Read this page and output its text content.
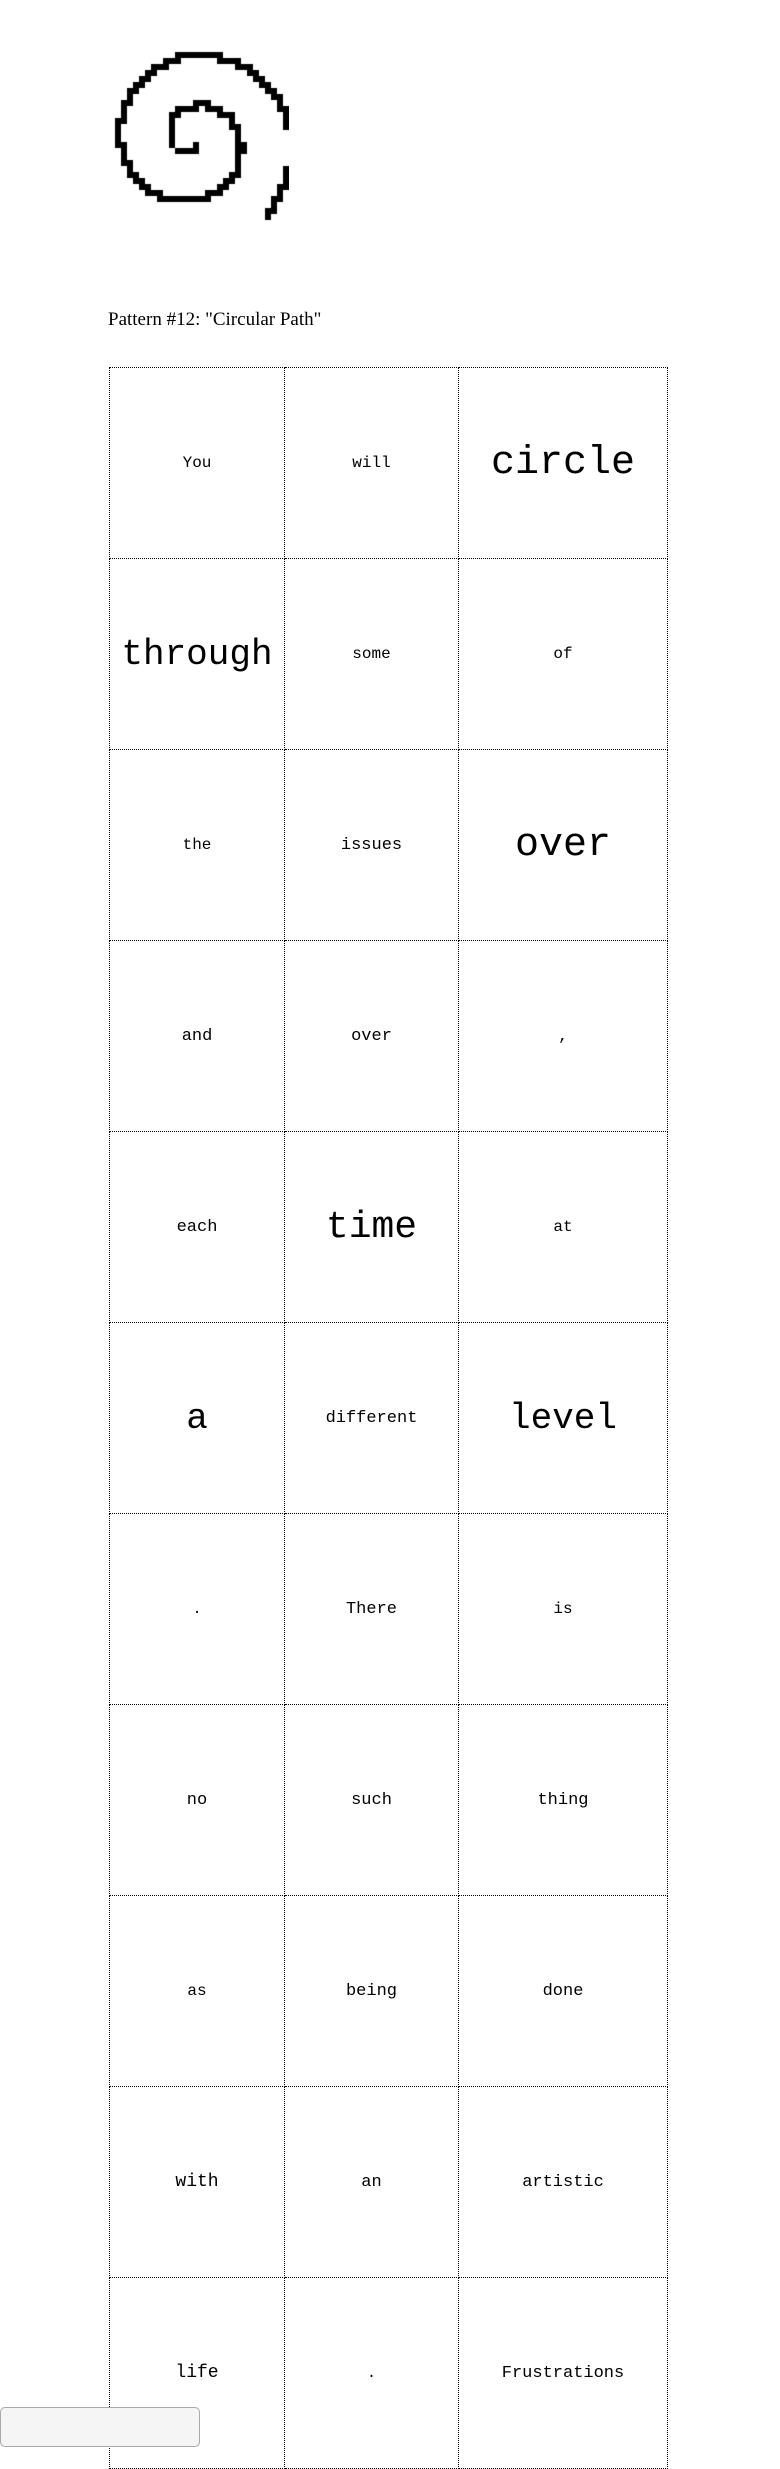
Pattern #12: "Circular Path"
You	will	circle
through	some	of
the	issues	over
and	over	,
each	time	at
a	different	level
.	There	is
no	such	thing
as	being	done
with	an	artistic
life	.	Frustrations
